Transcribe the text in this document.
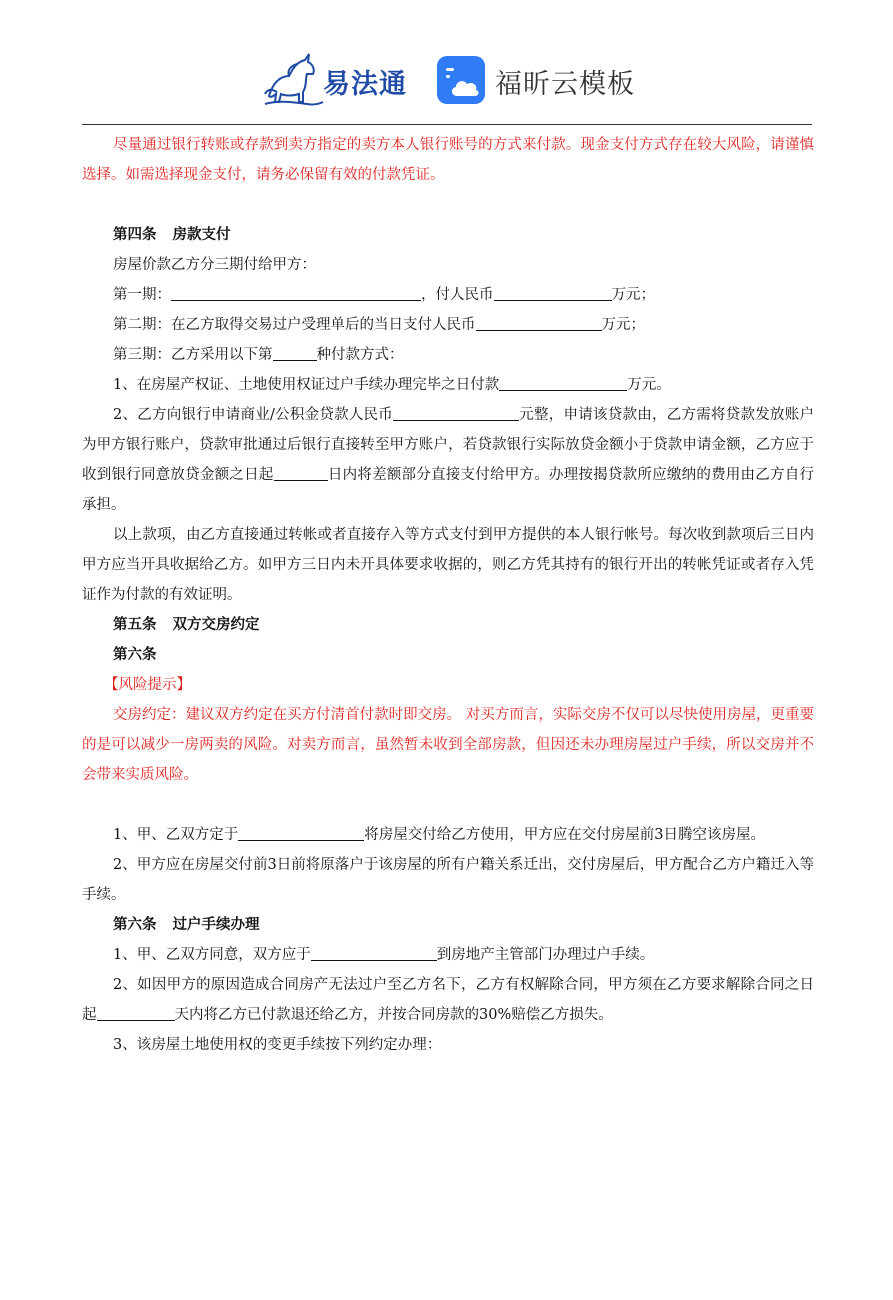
易法通	福昕云模板

尽量通过银行转账或存款到卖方指定的卖方本人银行账号的方式来付款。现金支付方式存在较大风险，请谨慎选择。如需选择现金支付，请务必保留有效的付款凭证。

第四条 房款支付

房屋价款乙方分三期付给甲方：

第一期：	，付人民币	万元；

第二期：在乙方取得交易过户受理单后的当日支付人民币	万元；

第三期：乙方采用以下第	种付款方式：

1、在房屋产权证、土地使用权证过户手续办理完毕之日付款	万元。

2、乙方向银行申请商业/公积金贷款人民币	元整，申请该贷款由，乙方需将贷款发放账户为甲方银行账户，贷款审批通过后银行直接转至甲方账户，若贷款银行实际放贷金额小于贷款申请金额，乙方应于收到银行同意放贷金额之日起	日内将差额部分直接支付给甲方。办理按揭贷款所应缴纳的费用由乙方自行承担。

以上款项，由乙方直接通过转帐或者直接存入等方式支付到甲方提供的本人银行帐号。每次收到款项后三日内甲方应当开具收据给乙方。如甲方三日内未开具体要求收据的，则乙方凭其持有的银行开出的转帐凭证或者存入凭证作为付款的有效证明。

第五条 双方交房约定
第六条

【风险提示】

交房约定：建议双方约定在买方付清首付款时即交房。 对买方而言，实际交房不仅可以尽快使用房屋，更重要的是可以减少一房两卖的风险。对卖方而言，虽然暂未收到全部房款，但因还未办理房屋过户手续，所以交房并不会带来实质风险。

1、甲、乙双方定于	将房屋交付给乙方使用，甲方应在交付房屋前3日腾空该房屋。

2、甲方应在房屋交付前3日前将原落户于该房屋的所有户籍关系迁出，交付房屋后，甲方配合乙方户籍迁入等手续。

第六条 过户手续办理

1、甲、乙双方同意，双方应于	到房地产主管部门办理过户手续。

2、如因甲方的原因造成合同房产无法过户至乙方名下，乙方有权解除合同，甲方须在乙方要求解除合同之日起	天内将乙方已付款退还给乙方，并按合同房款的30%赔偿乙方损失。

3、该房屋土地使用权的变更手续按下列约定办理：
